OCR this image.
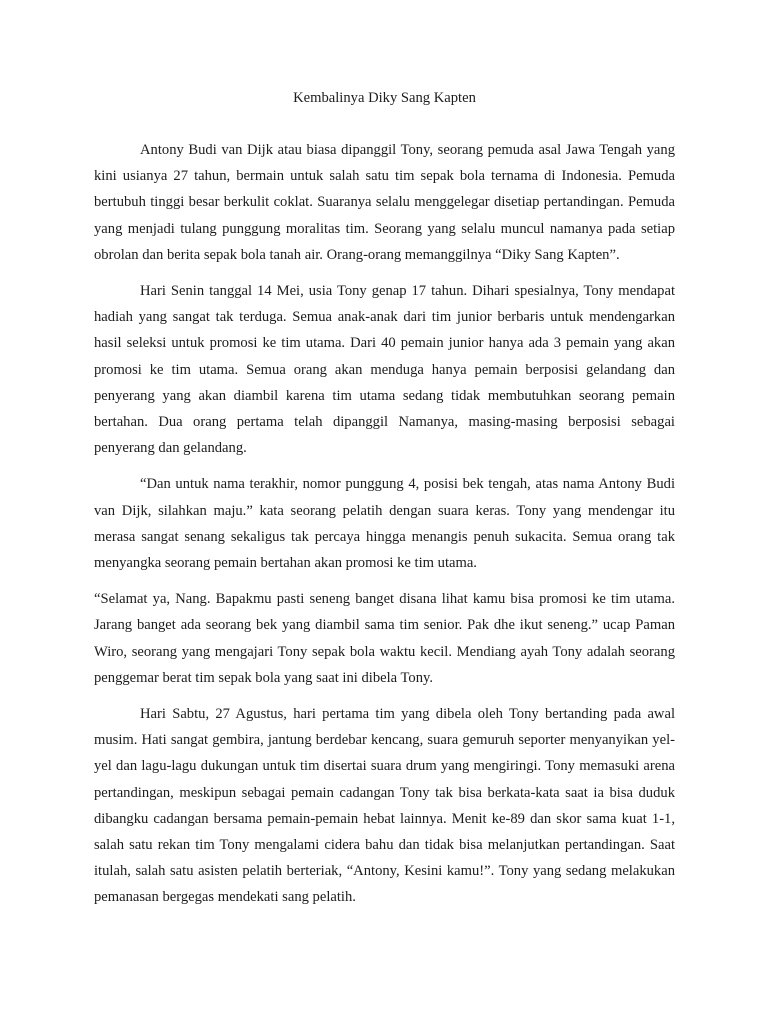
Kembalinya Diky Sang Kapten

Antony Budi van Dijk atau biasa dipanggil Tony, seorang pemuda asal Jawa Tengah yang kini usianya 27 tahun, bermain untuk salah satu tim sepak bola ternama di Indonesia. Pemuda bertubuh tinggi besar berkulit coklat. Suaranya selalu menggelegar disetiap pertandingan. Pemuda yang menjadi tulang punggung moralitas tim. Seorang yang selalu muncul namanya pada setiap obrolan dan berita sepak bola tanah air. Orang-orang memanggilnya “Diky Sang Kapten”.

Hari Senin tanggal 14 Mei, usia Tony genap 17 tahun. Dihari spesialnya, Tony mendapat hadiah yang sangat tak terduga. Semua anak-anak dari tim junior berbaris untuk mendengarkan hasil seleksi untuk promosi ke tim utama. Dari 40 pemain junior hanya ada 3 pemain yang akan promosi ke tim utama. Semua orang akan menduga hanya pemain berposisi gelandang dan penyerang yang akan diambil karena tim utama sedang tidak membutuhkan seorang pemain bertahan. Dua orang pertama telah dipanggil Namanya, masing-masing berposisi sebagai penyerang dan gelandang.

“Dan untuk nama terakhir, nomor punggung 4, posisi bek tengah, atas nama Antony Budi van Dijk, silahkan maju.” kata seorang pelatih dengan suara keras. Tony yang mendengar itu merasa sangat senang sekaligus tak percaya hingga menangis penuh sukacita. Semua orang tak menyangka seorang pemain bertahan akan promosi ke tim utama.

“Selamat ya, Nang. Bapakmu pasti seneng banget disana lihat kamu bisa promosi ke tim utama. Jarang banget ada seorang bek yang diambil sama tim senior. Pak dhe ikut seneng.” ucap Paman Wiro, seorang yang mengajari Tony sepak bola waktu kecil. Mendiang ayah Tony adalah seorang penggemar berat tim sepak bola yang saat ini dibela Tony.

Hari Sabtu, 27 Agustus, hari pertama tim yang dibela oleh Tony bertanding pada awal musim. Hati sangat gembira, jantung berdebar kencang, suara gemuruh seporter menyanyikan yel-yel dan lagu-lagu dukungan untuk tim disertai suara drum yang mengiringi. Tony memasuki arena pertandingan, meskipun sebagai pemain cadangan Tony tak bisa berkata-kata saat ia bisa duduk dibangku cadangan bersama pemain-pemain hebat lainnya. Menit ke-89 dan skor sama kuat 1-1, salah satu rekan tim Tony mengalami cidera bahu dan tidak bisa melanjutkan pertandingan. Saat itulah, salah satu asisten pelatih berteriak, “Antony, Kesini kamu!”. Tony yang sedang melakukan pemanasan bergegas mendekati sang pelatih.
